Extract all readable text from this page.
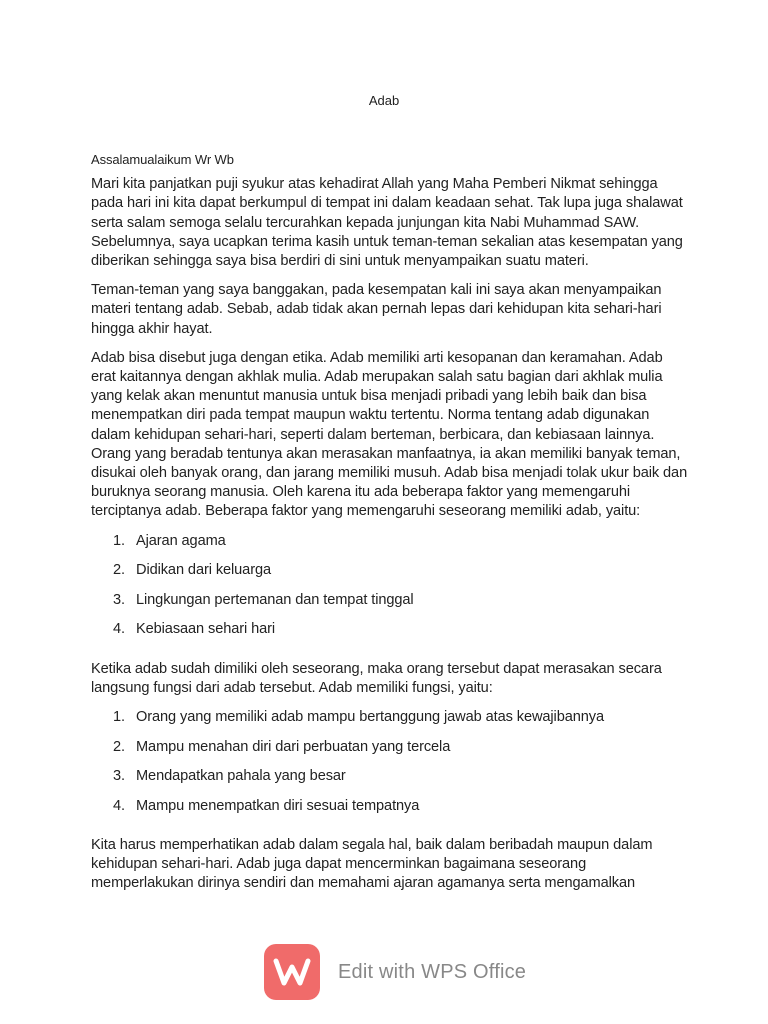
Adab

Assalamualaikum Wr Wb

Mari kita panjatkan puji syukur atas kehadirat Allah yang Maha Pemberi Nikmat sehingga pada hari ini kita dapat berkumpul di tempat ini dalam keadaan sehat. Tak lupa juga shalawat serta salam semoga selalu tercurahkan kepada junjungan kita Nabi Muhammad SAW. Sebelumnya, saya ucapkan terima kasih untuk teman-teman sekalian atas kesempatan yang diberikan sehingga saya bisa berdiri di sini untuk menyampaikan suatu materi.

Teman-teman yang saya banggakan, pada kesempatan kali ini saya akan menyampaikan materi tentang adab. Sebab, adab tidak akan pernah lepas dari kehidupan kita sehari-hari hingga akhir hayat.

Adab bisa disebut juga dengan etika. Adab memiliki arti kesopanan dan keramahan. Adab erat kaitannya dengan akhlak mulia. Adab merupakan salah satu bagian dari akhlak mulia yang kelak akan menuntut manusia untuk bisa menjadi pribadi yang lebih baik dan bisa menempatkan diri pada tempat maupun waktu tertentu. Norma tentang adab digunakan dalam kehidupan sehari-hari, seperti dalam berteman, berbicara, dan kebiasaan lainnya. Orang yang beradab tentunya akan merasakan manfaatnya, ia akan memiliki banyak teman, disukai oleh banyak orang, dan jarang memiliki musuh. Adab bisa menjadi tolak ukur baik dan buruknya seorang manusia. Oleh karena itu ada beberapa faktor yang memengaruhi terciptanya adab. Beberapa faktor yang memengaruhi seseorang memiliki adab, yaitu:

1. Ajaran agama
2. Didikan dari keluarga
3. Lingkungan pertemanan dan tempat tinggal
4. Kebiasaan sehari hari

Ketika adab sudah dimiliki oleh seseorang, maka orang tersebut dapat merasakan secara langsung fungsi dari adab tersebut. Adab memiliki fungsi, yaitu:

1. Orang yang memiliki adab mampu bertanggung jawab atas kewajibannya
2. Mampu menahan diri dari perbuatan yang tercela
3. Mendapatkan pahala yang besar
4. Mampu menempatkan diri sesuai tempatnya

Kita harus memperhatikan adab dalam segala hal, baik dalam beribadah maupun dalam kehidupan sehari-hari. Adab juga dapat mencerminkan bagaimana seseorang memperlakukan dirinya sendiri dan memahami ajaran agamanya serta mengamalkan

Edit with WPS Office
